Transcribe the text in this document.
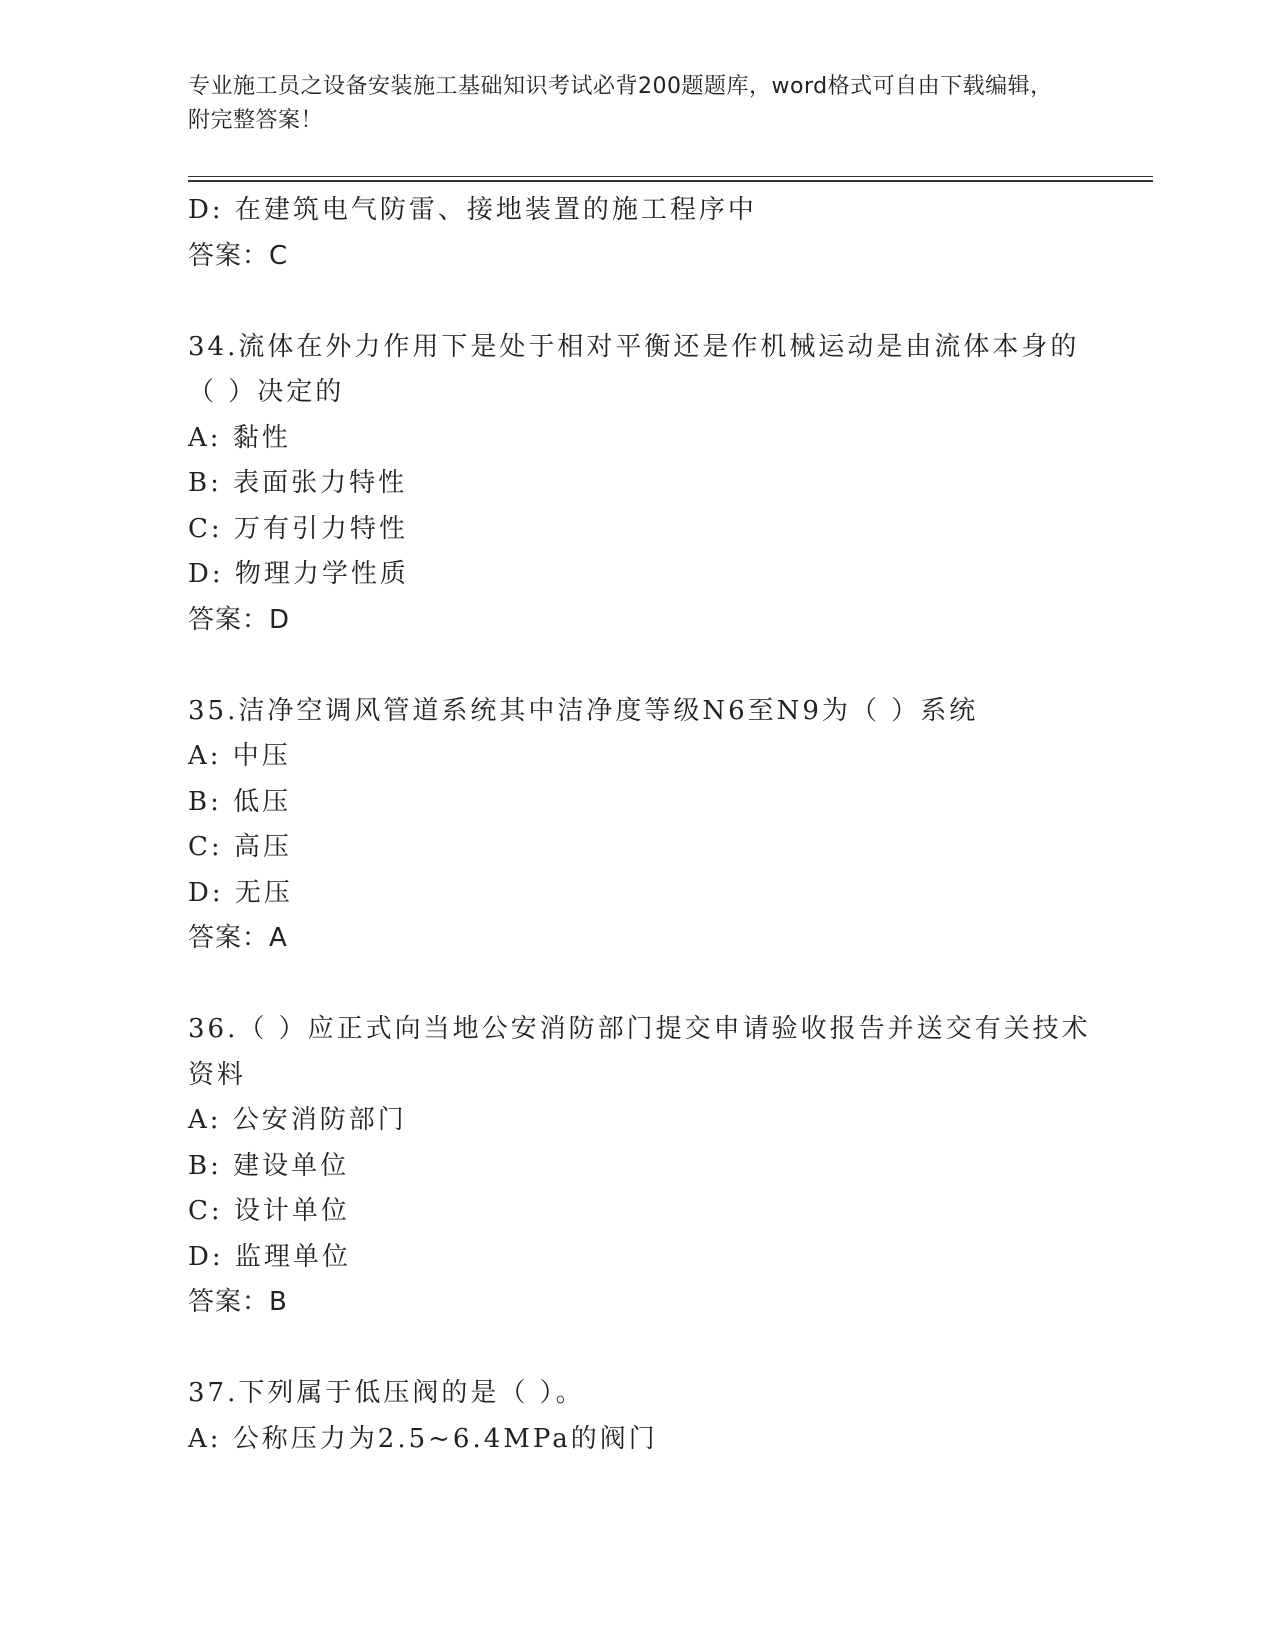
专业施工员之设备安装施工基础知识考试必背200题题库，word格式可自由下载编辑，附完整答案！
D: 在建筑电气防雷、接地装置的施工程序中
答案：C
34.流体在外力作用下是处于相对平衡还是作机械运动是由流体本身的（ ）决定的
A: 黏性
B: 表面张力特性
C: 万有引力特性
D: 物理力学性质
答案：D
35.洁净空调风管道系统其中洁净度等级N6至N9为（ ）系统
A: 中压
B: 低压
C: 高压
D: 无压
答案：A
36.（ ）应正式向当地公安消防部门提交申请验收报告并送交有关技术资料
A: 公安消防部门
B: 建设单位
C: 设计单位
D: 监理单位
答案：B
37.下列属于低压阀的是（ ）。
A: 公称压力为2.5~6.4MPa的阀门
